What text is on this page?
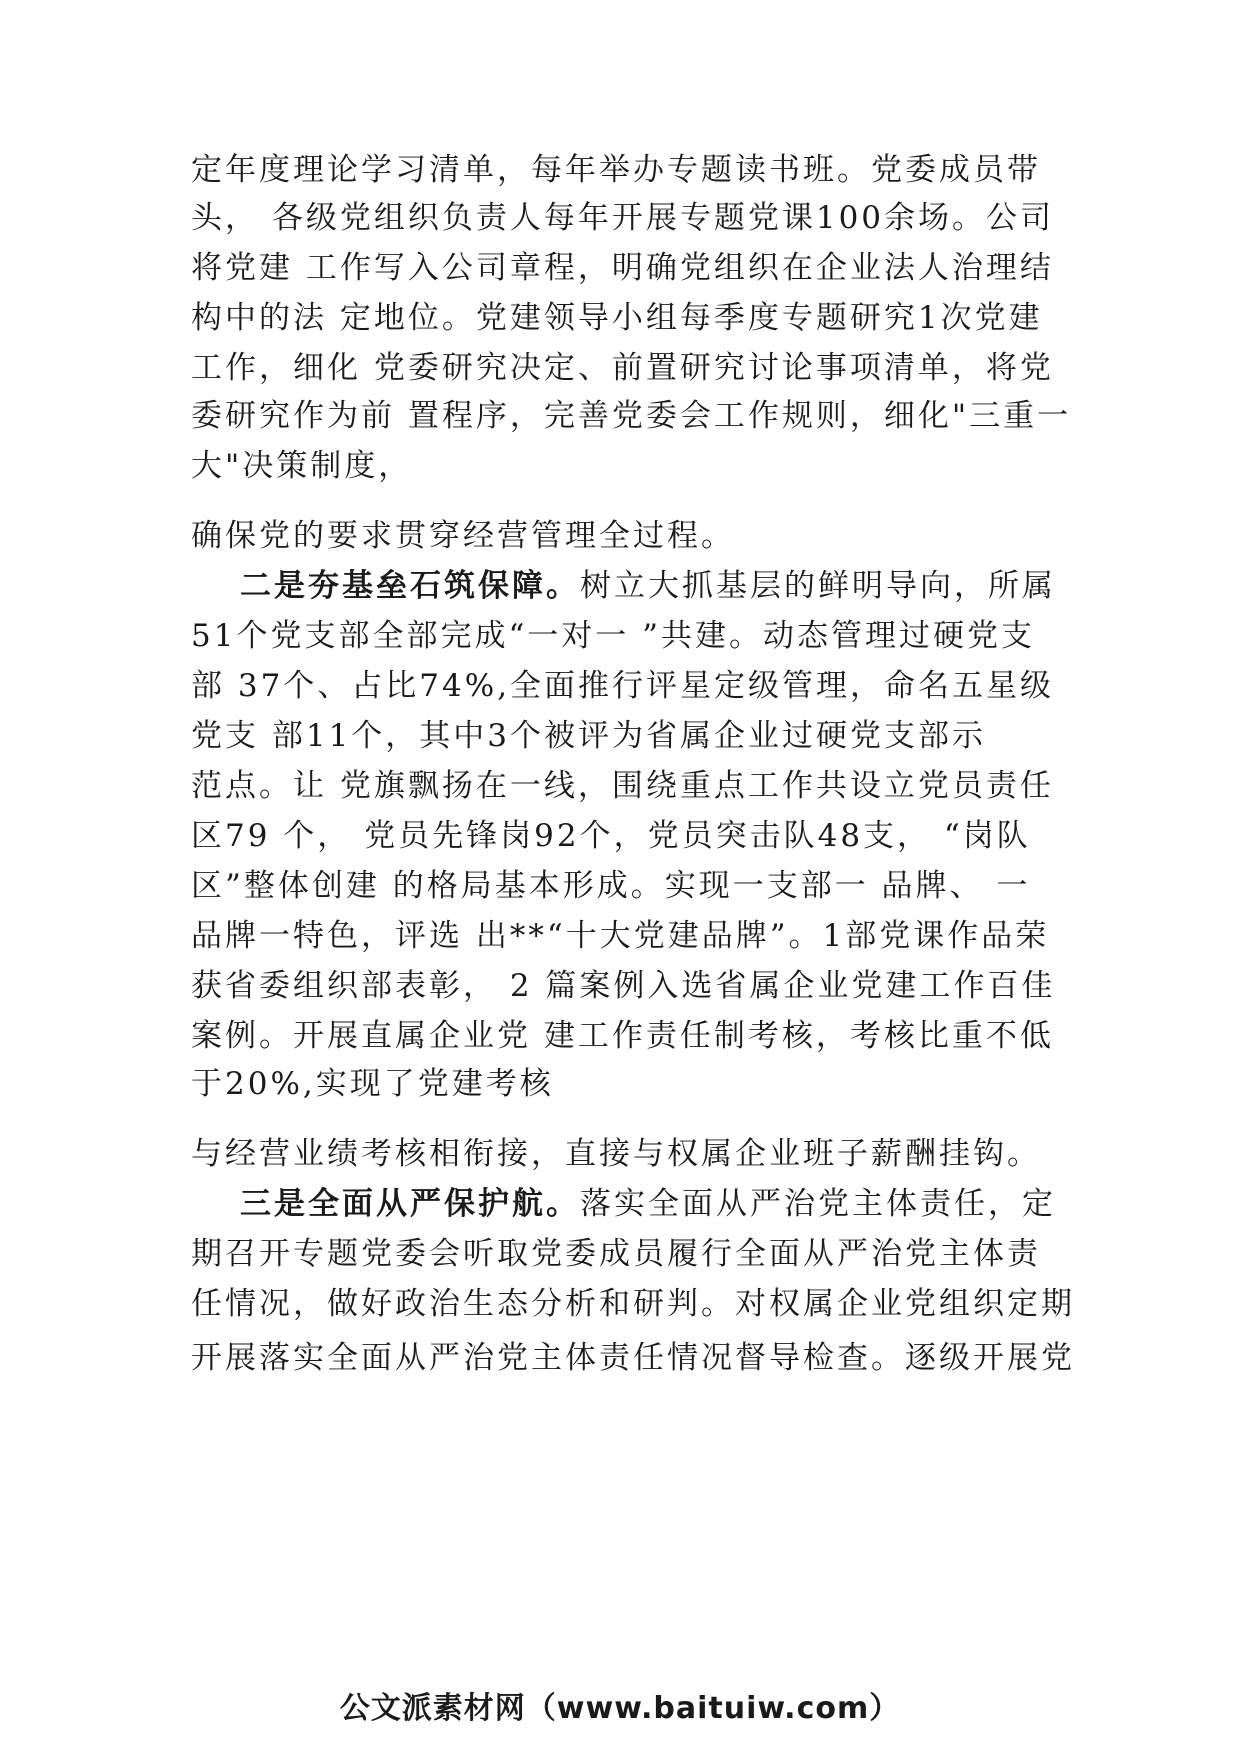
定年度理论学习清单，每年举办专题读书班。党委成员带
头， 各级党组织负责人每年开展专题党课100余场。公司
将党建 工作写入公司章程，明确党组织在企业法人治理结
构中的法 定地位。党建领导小组每季度专题研究1次党建
工作，细化 党委研究决定、前置研究讨论事项清单，将党
委研究作为前 置程序，完善党委会工作规则，细化"三重一
大"决策制度，
确保党的要求贯穿经营管理全过程。
二是夯基垒石筑保障。树立大抓基层的鲜明导向，所属
51个党支部全部完成“一对一 ”共建。动态管理过硬党支
部 37个、占比74%,全面推行评星定级管理，命名五星级
党支 部11个，其中3个被评为省属企业过硬党支部示
范点。让 党旗飘扬在一线，围绕重点工作共设立党员责任
区79 个， 党员先锋岗92个，党员突击队48支， “岗队
区”整体创建 的格局基本形成。实现一支部一 品牌、 一
品牌一特色，评选 出**“十大党建品牌”。1部党课作品荣
获省委组织部表彰， 2 篇案例入选省属企业党建工作百佳
案例。开展直属企业党 建工作责任制考核，考核比重不低
于20%,实现了党建考核
与经营业绩考核相衔接，直接与权属企业班子薪酬挂钩。
三是全面从严保护航。落实全面从严治党主体责任，定
期召开专题党委会听取党委成员履行全面从严治党主体责
任情况，做好政治生态分析和研判。对权属企业党组织定期
开展落实全面从严治党主体责任情况督导检查。逐级开展党
公文派素材网（www.baituiw.com）
